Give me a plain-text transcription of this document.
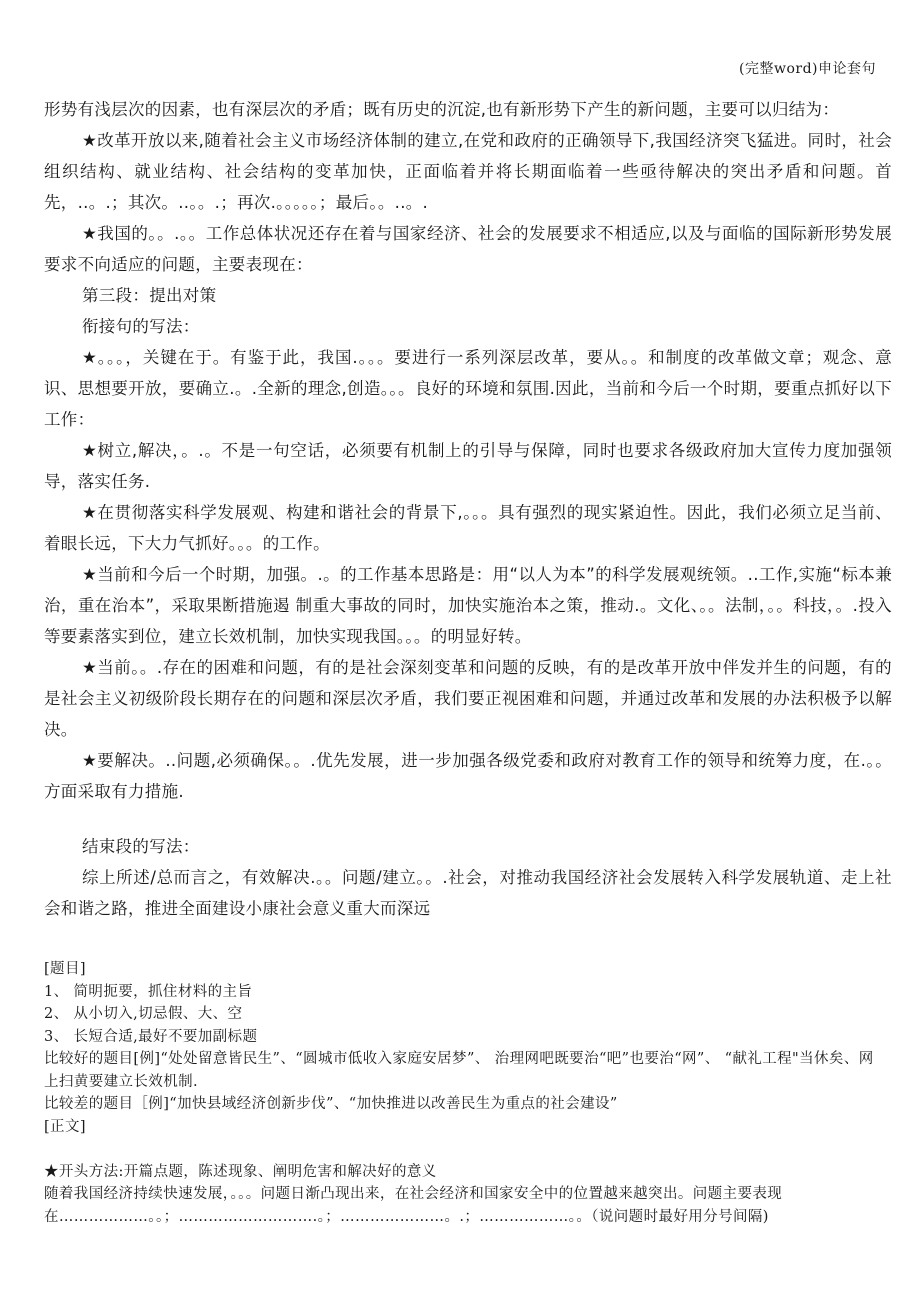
(完整word)申论套句

形势有浅层次的因素，也有深层次的矛盾；既有历史的沉淀,也有新形势下产生的新问题，主要可以归结为：

★改革开放以来,随着社会主义市场经济体制的建立,在党和政府的正确领导下,我国经济突飞猛进。同时，社会组织结构、就业结构、社会结构的变革加快，正面临着并将长期面临着一些亟待解决的突出矛盾和问题。首先，..。.；其次。..。。.；再次.。。。。。；最后。。..。.

★我国的。。.。。工作总体状况还存在着与国家经济、社会的发展要求不相适应,以及与面临的国际新形势发展要求不向适应的问题，主要表现在：

第三段：提出对策

衔接句的写法：

★。。。，关键在于。有鉴于此，我国.。。。要进行一系列深层改革，要从。。和制度的改革做文章；观念、意识、思想要开放，要确立.。.全新的理念,创造。。。良好的环境和氛围.因此，当前和今后一个时期，要重点抓好以下工作：

★树立,解决，。.。不是一句空话，必须要有机制上的引导与保障，同时也要求各级政府加大宣传力度加强领导，落实任务.

★在贯彻落实科学发展观、构建和谐社会的背景下,。。。具有强烈的现实紧迫性。因此，我们必须立足当前、着眼长远，下大力气抓好。。。的工作。

★当前和今后一个时期，加强。.。的工作基本思路是：用“以人为本”的科学发展观统领。..工作,实施“标本兼治，重在治本”，采取果断措施遏 制重大事故的同时，加快实施治本之策，推动.。文化、。。法制，。。科技，。.投入等要素落实到位，建立长效机制，加快实现我国。。。的明显好转。

★当前。。.存在的困难和问题，有的是社会深刻变革和问题的反映，有的是改革开放中伴发并生的问题，有的是社会主义初级阶段长期存在的问题和深层次矛盾，我们要正视困难和问题，并通过改革和发展的办法积极予以解决。

★要解决。..问题,必须确保。。.优先发展，进一步加强各级党委和政府对教育工作的领导和统筹力度，在.。。方面采取有力措施.

结束段的写法：

综上所述/总而言之，有效解决.。。问题/建立。。.社会，对推动我国经济社会发展转入科学发展轨道、走上社会和谐之路，推进全面建设小康社会意义重大而深远

[题目]

1、 简明扼要，抓住材料的主旨

2、 从小切入,切忌假、大、空

3、 长短合适,最好不要加副标题

比较好的题目[例]“处处留意皆民生”、“圆城市低收入家庭安居梦”、 治理网吧既要治“吧”也要治“网”、 “献礼工程"当休矣、网上扫黄要建立长效机制.

比较差的题目［例]“加快县域经济创新步伐”、“加快推进以改善民生为重点的社会建设”

[正文]

★开头方法:开篇点题，陈述现象、阐明危害和解决好的意义

随着我国经济持续快速发展，。。。问题日渐凸现出来，在社会经济和国家安全中的位置越来越突出。问题主要表现在………………。。；……………………….。；…………………。.；………………。。（说问题时最好用分号间隔)
